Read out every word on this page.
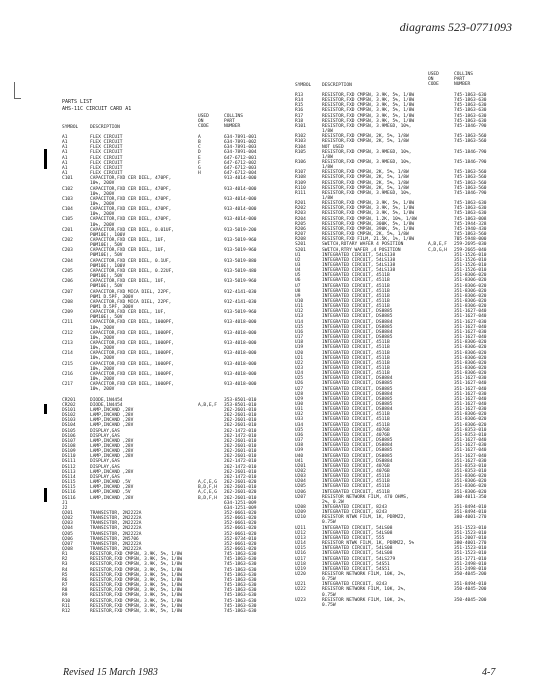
diagrams 523-0771093
PARTS LIST
AHS-11C CIRCUIT CARD A1
USED
ON
CODE
COLLINS
PART
NUMBER
SYMBOL	DESCRIPTION
A1	FLEX CIRCUIT	A	634-7891-001
A1	FLEX CIRCUIT	B	634-7891-002
A1	FLEX CIRCUIT	C	634-7891-003
A1	FLEX CIRCUIT	D	634-7891-004
A1	FLEX CIRCUIT	E	647-6712-001
A1	FLEX CIRCUIT	F	647-6712-002
A1	FLEX CIRCUIT	G	647-6712-003
A1	FLEX CIRCUIT	H	647-6712-004
C101	CAPACITOR,FXD CER DIEL, 470PF,	913-4014-000
10%, 200V
C102	CAPACITOR,FXD CER DIEL, 470PF,	913-4014-000
10%, 200V
C103	CAPACITOR,FXD CER DIEL, 470PF,	913-4014-000
10%, 200V
C104	CAPACITOR,FXD CER DIEL, 470PF,	913-4014-000
10%, 200V
C105	CAPACITOR,FXD CER DIEL, 470PF,	913-4014-000
10%, 200V
C201	CAPACITOR,FXD CER DIEL, 0.01UF,	913-5019-200
P0M10E), 100V
C202	CAPACITOR,FXD CER DIEL, 1UF,	913-5019-960
P0M10E), 50V
C203	CAPACITOR,FXD CER DIEL, 1UF,	913-5019-960
P0M10E), 50V
C204	CAPACITOR,FXD CER DIEL, 0.1UF,	913-5019-880
P0M10E), 100V
C205	CAPACITOR,FXD CER DIEL, 0.22UF,	913-5019-480
P0M10E), 50V
C206	CAPACITOR,FXD CER DIEL, 1UF,	913-5019-960
P0M10E), 50V
C207	CAPACITOR,FXD MICA DIEL, 22PF,	912-4141-030
P0M1 D.5PF, 300V
C208	CAPACITOR,FXD MICA DIEL, 22PF,	912-4141-030
P0M1 D.5PF, 300V
C209	CAPACITOR,FXD CER DIEL, 1UF,	913-5019-960
P0M10E), 50V
C211	CAPACITOR,FXD CER DIEL, 1000PF,	913-4018-000
10%, 200V
C212	CAPACITOR,FXD CER DIEL, 1000PF,	913-4018-000
10%, 200V
C213	CAPACITOR,FXD CER DIEL, 1000PF,	913-4018-000
10%, 200V
C214	CAPACITOR,FXD CER DIEL, 1000PF,	913-4018-000
10%, 200V
C215	CAPACITOR,FXD CER DIEL, 1000PF,	913-4018-000
10%, 200V
C216	CAPACITOR,FXD CER DIEL, 1000PF,	913-4018-000
10%, 200V
C217	CAPACITOR,FXD CER DIEL, 1000PF,	913-4018-000
10%, 200V
CR201	DIODE,1N4454	353-8501-010
CR202	DIODE,1N4454	A,B,E,F 353-8501-010
DS101	LAMP,INCAND ,28V	262-2601-010
DS102	LAMP,INCAND ,28V	262-2601-010
DS103	LAMP,INCAND ,28V	262-2601-010
DS104	LAMP,INCAND ,28V	262-2601-010
DS105	DISPLAY,GAS	262-1472-010
DS106	DISPLAY,GAS	262-1472-010
DS107	LAMP,INCAND ,28V	262-2601-010
DS108	LAMP,INCAND ,28V	262-2601-010
DS109	LAMP,INCAND ,28V	262-2601-010
DS110	LAMP,INCAND ,28V	262-2601-010
DS111	DISPLAY,GAS	262-1472-010
DS112	DISPLAY,GAS	262-1472-010
DS113	LAMP,INCAND ,28V	262-2601-010
DS114	DISPLAY,GAS	262-1472-010
DS115	LAMP,INCAND ,5V	A,C,E,G 262-2601-020
DS115	LAMP,INCAND ,28V	B,D,F,H 262-2601-010
DS116	LAMP,INCAND ,5V	A,C,E,G 262-2601-020
DS116	LAMP,INCAND ,28V	B,D,F,H 262-2601-010
J1	634-1251-009
J2	634-1251-009
Q201	TRANSISTOR, 2N2222A	352-0661-020
Q202	TRANSISTOR, 2N2222A	352-0661-020
Q203	TRANSISTOR, 2N2222A	352-0661-020
Q204	TRANSISTOR, 2N2222A	352-0661-020
Q205	TRANSISTOR, 2N2222A	352-0661-020
Q206	TRANSISTOR, 2N5706	352-0734-010
Q207	TRANSISTOR, 2N2222A	352-0661-020
Q208	TRANSISTOR, 2N2222A	352-0661-020
R1	RESISTOR,FXD CMPSN, 3.9K, 5%, 1/8W	745-1863-630
R2	RESISTOR,FXD CMPSN, 3.9K, 5%, 1/8W	745-1863-630
R3	RESISTOR,FXD CMPSN, 3.9K, 5%, 1/8W	745-1863-630
R4	RESISTOR,FXD CMPSN, 3.9K, 5%, 1/8W	745-1863-630
R5	RESISTOR,FXD CMPSN, 3.9K, 5%, 1/8W	745-1863-630
R6	RESISTOR,FXD CMPSN, 3.9K, 5%, 1/8W	745-1863-630
R7	RESISTOR,FXD CMPSN, 3.9K, 5%, 1/8W	745-1863-630
R8	RESISTOR,FXD CMPSN, 3.9K, 5%, 1/8W	745-1863-630
R9	RESISTOR,FXD CMPSN, 3.9K, 5%, 1/8W	745-1863-630
R10	RESISTOR,FXD CMPSN, 3.9K, 5%, 1/8W	745-1863-630
R11	RESISTOR,FXD CMPSN, 3.9K, 5%, 1/8W	745-1863-630
R12	RESISTOR,FXD CMPSN, 3.9K, 5%, 1/8W	745-1863-630
USED
ON
CODE
COLLINS
PART
NUMBER
SYMBOL DESCRIPTION
R13	RESISTOR,FXD CMPSN, 3.9K, 5%, 1/8W	745-1863-630
R14	RESISTOR,FXD CMPSN, 3.9K, 5%, 1/8W	745-1863-630
R15	RESISTOR,FXD CMPSN, 3.9K, 5%, 1/8W	745-1863-630
R16	RESISTOR,FXD CMPSN, 3.9K, 5%, 1/8W	745-1863-630
R17	RESISTOR,FXD CMPSN, 3.9K, 5%, 1/8W	745-1863-630
R18	RESISTOR,FXD CMPSN, 3.9K, 5%, 1/8W	745-1863-630
R101	RESISTOR,FXD CMPSN, 3.9MEGD, 10%,	745-1846-790
1/8W
R102	RESISTOR,FXD CMPSN, 2K, 5%, 1/8W	745-1863-560
R103	RESISTOR,FXD CMPSN, 2K, 5%, 1/8W	745-1863-560
R104	NOT USED
R105	RESISTOR,FXD CMPSN, 3.9MEGD, 10%,	745-1846-790
1/8W
R106	RESISTOR,FXD CMPSN, 3.9MEGD, 10%,	745-1846-790
1/8W
R107	RESISTOR,FXD CMPSN, 2K, 5%, 1/8W	745-1863-560
R108	RESISTOR,FXD CMPSN, 2K, 5%, 1/8W	745-1863-560
R109	RESISTOR,FXD CMPSN, 2K, 5%, 1/8W	745-1863-560
R110	RESISTOR,FXD CMPSN, 2K, 5%, 1/8W	745-1863-560
R111	RESISTOR,FXD CMPSN, 3.9MEGD, 10%,	745-1846-790
1/8W
R201	RESISTOR,FXD CMPSN, 3.9K, 5%, 1/8W	745-1863-630
R202	RESISTOR,FXD CMPSN, 3.9K, 5%, 1/8W	745-1863-630
R203	RESISTOR,FXD CMPSN, 3.9K, 5%, 1/8W	745-1863-630
R204	RESISTOR,FXD CMPSN, 1.2K, 10%, 1/8W	745-1863-008
R205	RESISTOR,FXD CMPSN, 300K, 5%, 1/8W	745-1944-328
R206	RESISTOR,FXD CMPSN, 390K, 5%, 1/8W	745-1940-430
R207	RESISTOR,FXD CMPSN, 2K, 5%, 1/8W	745-1863-560
R208	RESISTOR,FXD FILM, 21.5K, 1%, 1/8W	705-5948-000
S201	SWITCH,ROTARY WAFER 4 POSITION	A,B,E,F 259-2695-030
S201	SWITCH,RTRY WAFER ,4 POSITION	C,D,G,H 259-2665-040
U1	INTEGRATED CIRCUIT, 54LS138	351-1526-010
U2	INTEGRATED CIRCUIT, 54LS138	351-1526-010
U3	INTEGRATED CIRCUIT, 54LS138	351-1526-010
U4	INTEGRATED CIRCUIT, 54LS138	351-1526-010
U5	INTEGRATED CIRCUIT, 4511B	351-8306-020
U6	INTEGRATED CIRCUIT, 4511B	351-8306-020
U7	INTEGRATED CIRCUIT, 4511B	351-8306-020
U8	INTEGRATED CIRCUIT, 4511B	351-8306-020
U9	INTEGRATED CIRCUIT, 4511B	351-8306-020
U10	INTEGRATED CIRCUIT, 4511B	351-8306-020
U11	INTEGRATED CIRCUIT, 4511B	351-8306-020
U12	INTEGRATED CIRCUIT, DS8885	351-1627-040
U13	INTEGRATED CIRCUIT, DS8885	351-1627-040
U14	INTEGRATED CIRCUIT, DS8884	351-1627-030
U15	INTEGRATED CIRCUIT, DS8885	351-1627-040
U16	INTEGRATED CIRCUIT, DS8884	351-1627-030
U17	INTEGRATED CIRCUIT, DS8885	351-1627-040
U18	INTEGRATED CIRCUIT, 4511B	351-8306-020
U19	INTEGRATED CIRCUIT, 4511B	351-8306-020
U20	INTEGRATED CIRCUIT, 4511B	351-8306-020
U21	INTEGRATED CIRCUIT, 4511B	351-8306-020
U22	INTEGRATED CIRCUIT, 4511B	351-8306-020
U23	INTEGRATED CIRCUIT, 4511B	351-8306-020
U24	INTEGRATED CIRCUIT, 4511B	351-8306-020
U25	INTEGRATED CIRCUIT, DS8884	351-1627-030
U26	INTEGRATED CIRCUIT, DS8885	351-1627-040
U27	INTEGRATED CIRCUIT, DS8885	351-1627-040
U28	INTEGRATED CIRCUIT, DS8884	351-1627-030
U29	INTEGRATED CIRCUIT, DS8885	351-1627-040
U30	INTEGRATED CIRCUIT, DS8885	351-1627-040
U31	INTEGRATED CIRCUIT, DS8884	351-1627-030
U32	INTEGRATED CIRCUIT, 4511B	351-8306-020
U33	INTEGRATED CIRCUIT, 4511B	351-8306-020
U34	INTEGRATED CIRCUIT, 4511B	351-8306-020
U35	INTEGRATED CIRCUIT, 4076B	351-8353-010
U36	INTEGRATED CIRCUIT, 4076B	351-8353-010
U37	INTEGRATED CIRCUIT, DS8885	351-1627-040
U38	INTEGRATED CIRCUIT, DS8884	351-1627-030
U39	INTEGRATED CIRCUIT, DS8885	351-1627-040
U40	INTEGRATED CIRCUIT, DS8885	351-1627-040
U41	INTEGRATED CIRCUIT, DS8884	351-1627-030
U201	INTEGRATED CIRCUIT, 4076B	351-8353-010
U202	INTEGRATED CIRCUIT, 4076B	351-8353-010
U203	INTEGRATED CIRCUIT, 4511B	351-8306-020
U204	INTEGRATED CIRCUIT, 4511B	351-8306-020
U205	INTEGRATED CIRCUIT, 4511B	351-8306-020
U206	INTEGRATED CIRCUIT, 4511B	351-8306-020
U207	RESISTOR NETWORK FILM, 470 OHMS,	380-4011-350
2%, 0.2W
U208	INTEGRATED CIRCUIT, 8243	351-8494-010
U209	INTEGRATED CIRCUIT, 8243	351-8494-010
U210	RESISTOR NTWK FILM, 1K, PDRMZ2,	380-4001-270
0.75W
U211	INTEGRATED CIRCUIT, 54LS08	351-1523-010
U212	INTEGRATED CIRCUIT, 54LS08	351-1523-010
U213	INTEGRATED CIRCUIT, 555	351-2007-010
U214	RESISTOR NTWK FILM, 1K, PDRMZ2, 5%	380-4001-270
U215	INTEGRATED CIRCUIT, 54LS08	351-1523-010
U216	INTEGRATED CIRCUIT, 54LS08	351-1523-010
U217	INTEGRATED CIRCUIT, 54LS279	351-1771-010
U218	INTEGRATED CIRCUIT, 54S51	351-2498-010
U219	INTEGRATED CIRCUIT, 54S51	351-2498-010
U220	RESISTOR NETWORK FILM, 10K, 2%,	350-4045-200
0.75W
U221	INTEGRATED CIRCUIT, 8243	351-8494-010
U222	RESISTOR NETWORK FILM, 10K, 2%,	350-4045-200
0.75W
U223	RESISTOR NETWORK FILM, 10K, 2%,	350-4045-200
0.75W
Revised 15 March 1983	4-7
